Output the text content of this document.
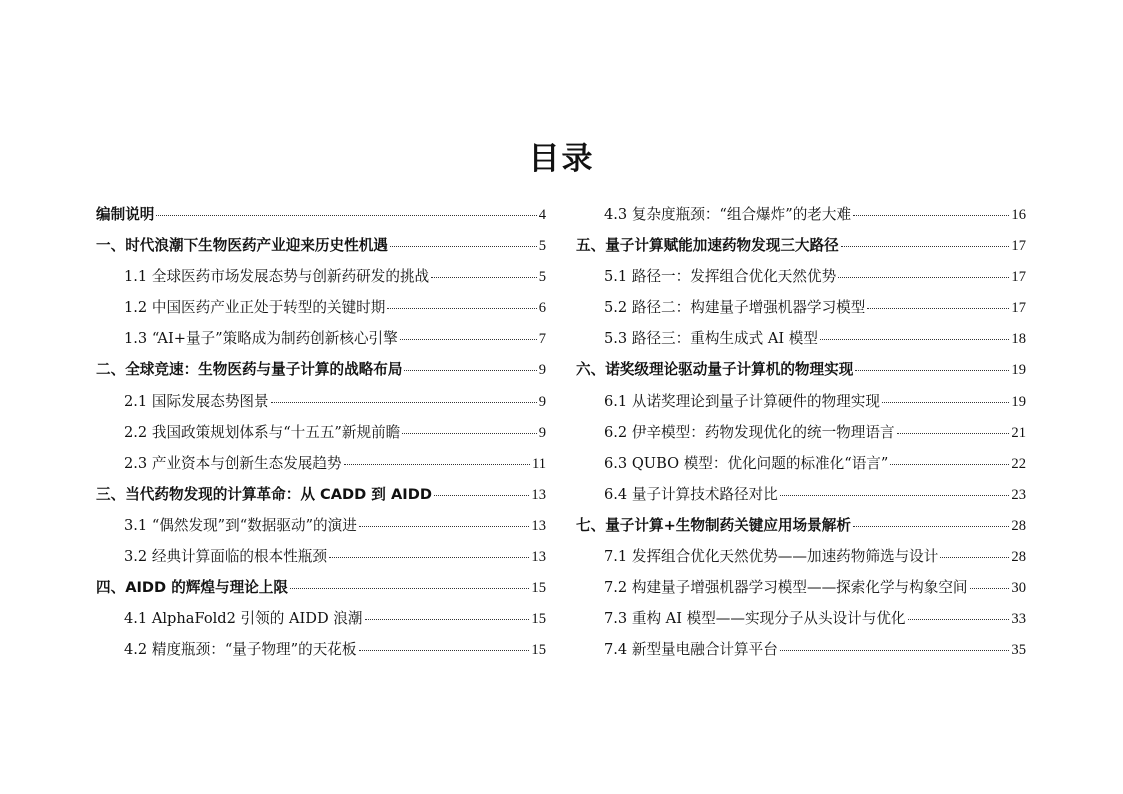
目录
编制说明	4
一、时代浪潮下生物医药产业迎来历史性机遇	5
1.1 全球医药市场发展态势与创新药研发的挑战	5
1.2 中国医药产业正处于转型的关键时期	6
1.3 “AI+量子”策略成为制药创新核心引擎	7
二、全球竞速：生物医药与量子计算的战略布局	9
2.1 国际发展态势图景	9
2.2 我国政策规划体系与“十五五”新规前瞻	9
2.3 产业资本与创新生态发展趋势	11
三、当代药物发现的计算革命：从 CADD 到 AIDD	13
3.1 “偶然发现”到“数据驱动”的演进	13
3.2 经典计算面临的根本性瓶颈	13
四、AIDD 的辉煌与理论上限	15
4.1 AlphaFold2 引领的 AIDD 浪潮	15
4.2 精度瓶颈：“量子物理”的天花板	15
4.3 复杂度瓶颈：“组合爆炸”的老大难	16
五、量子计算赋能加速药物发现三大路径	17
5.1 路径一：发挥组合优化天然优势	17
5.2 路径二：构建量子增强机器学习模型	17
5.3 路径三：重构生成式 AI 模型	18
六、诺奖级理论驱动量子计算机的物理实现	19
6.1 从诺奖理论到量子计算硬件的物理实现	19
6.2 伊辛模型：药物发现优化的统一物理语言	21
6.3 QUBO 模型：优化问题的标准化“语言”	22
6.4 量子计算技术路径对比	23
七、量子计算+生物制药关键应用场景解析	28
7.1 发挥组合优化天然优势——加速药物筛选与设计	28
7.2 构建量子增强机器学习模型——探索化学与构象空间	30
7.3 重构 AI 模型——实现分子从头设计与优化	33
7.4 新型量电融合计算平台	35
